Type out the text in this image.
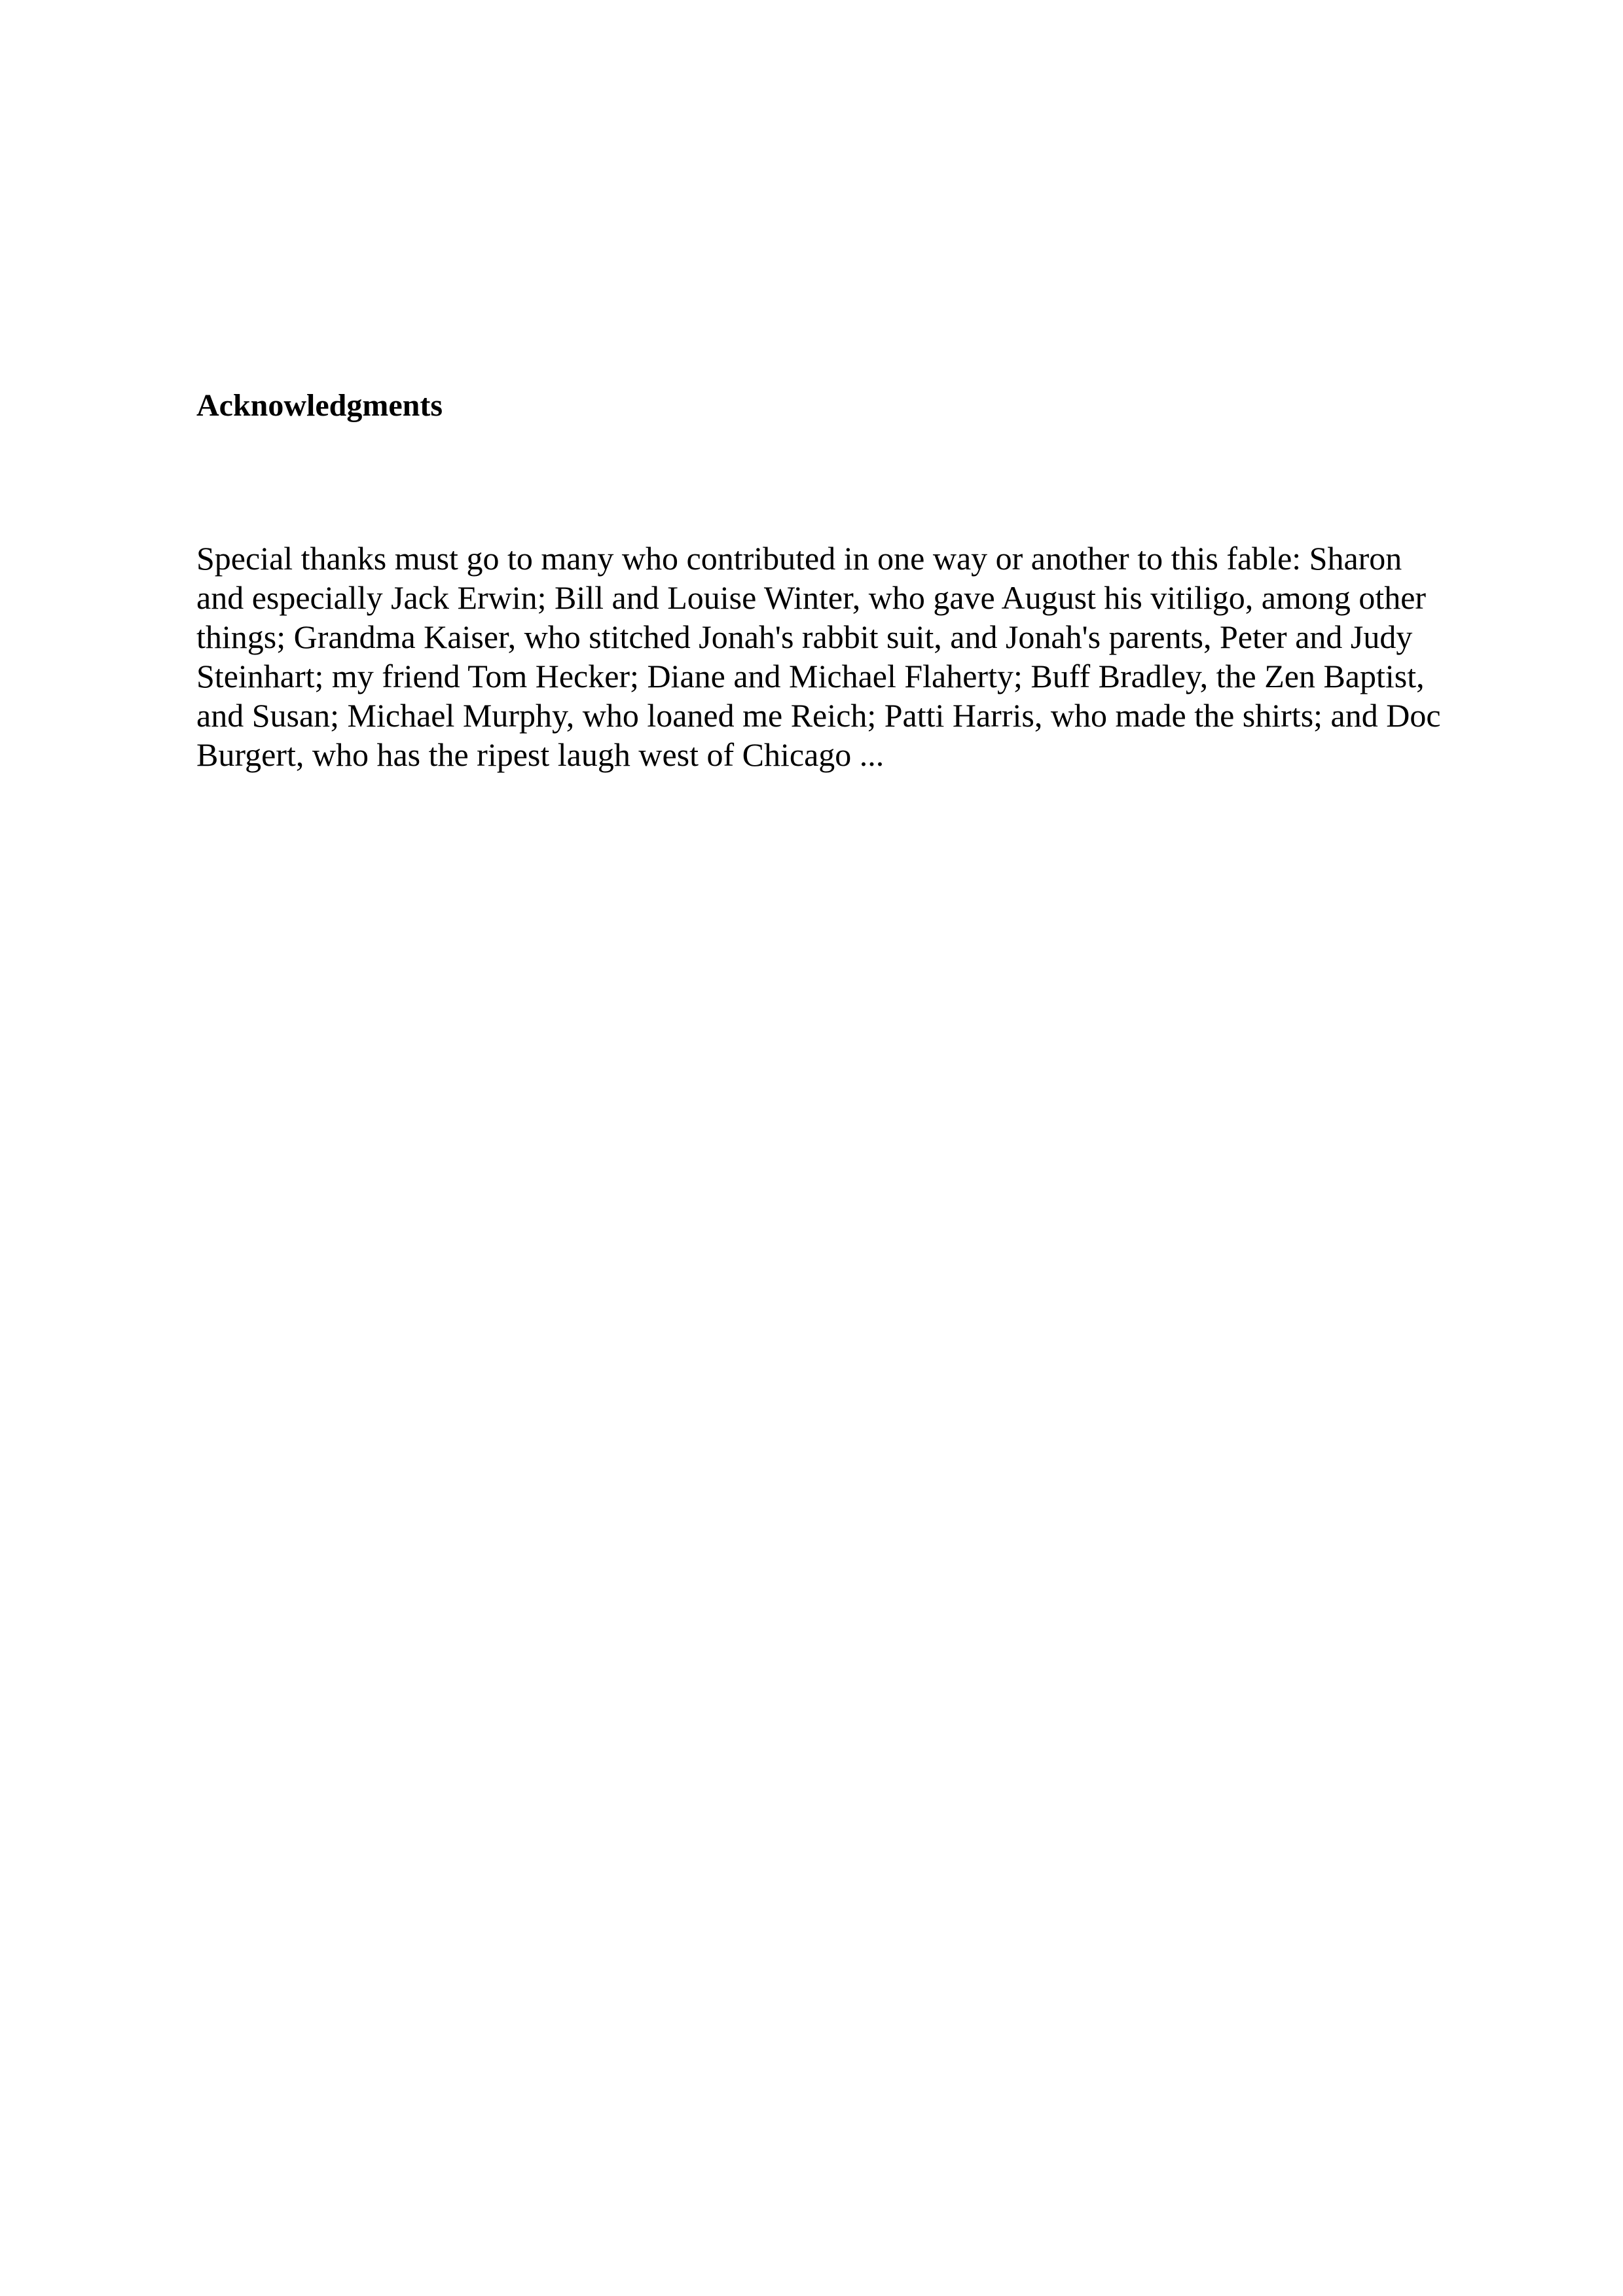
Acknowledgments

Special thanks must go to many who contributed in one way or another to this fable: Sharon
and especially Jack Erwin; Bill and Louise Winter, who gave August his vitiligo, among other
things; Grandma Kaiser, who stitched Jonah's rabbit suit, and Jonah's parents, Peter and Judy
Steinhart; my friend Tom Hecker; Diane and Michael Flaherty; Buff Bradley, the Zen Baptist,
and Susan; Michael Murphy, who loaned me Reich; Patti Harris, who made the shirts; and Doc
Burgert, who has the ripest laugh west of Chicago ...
